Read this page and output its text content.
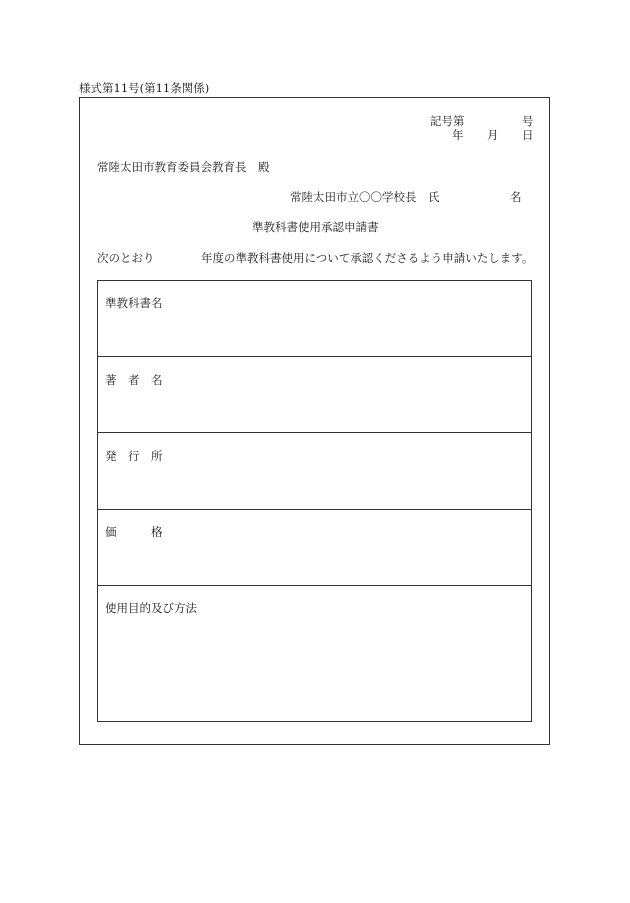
様式第11号(第11条関係)
記号第	号
年 月 日
常陸太田市教育委員会教育長　殿
常陸太田市立〇〇学校長　氏	名
準教科書使用承認申請書
次のとおり	年度の準教科書使用について承認くださるよう申請いたします。
準教科書名
著　者　名
発　行　所
価　　　格
使用目的及び方法
